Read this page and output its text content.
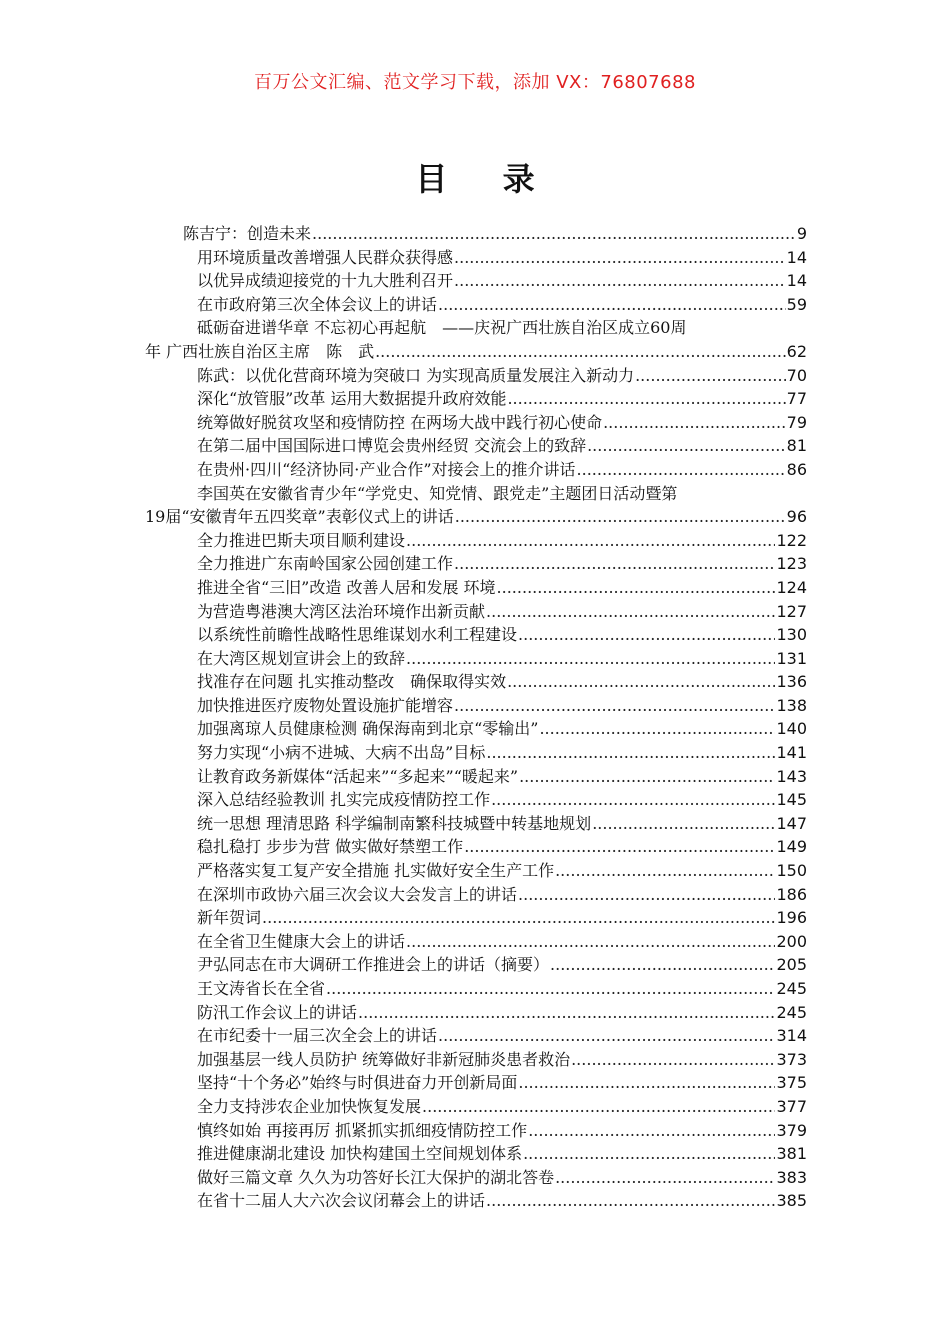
百万公文汇编、范文学习下载，添加 VX：76807688
目 录
陈吉宁：创造未来 .....	9
用环境质量改善增强人民群众获得感 .....	14
以优异成绩迎接党的十九大胜利召开 .....	14
在市政府第三次全体会议上的讲话 .....	59
砥砺奋进谱华章 不忘初心再起航　——庆祝广西壮族自治区成立60周
年 广西壮族自治区主席　陈　武 .....	62
陈武：以优化营商环境为突破口 为实现高质量发展注入新动力 .....	70
深化“放管服”改革 运用大数据提升政府效能 .....	77
统筹做好脱贫攻坚和疫情防控 在两场大战中践行初心使命 .....	79
在第二届中国国际进口博览会贵州经贸 交流会上的致辞 .....	81
在贵州·四川“经济协同·产业合作”对接会上的推介讲话 .....	86
李国英在安徽省青少年“学党史、知党情、跟党走”主题团日活动暨第
19届“安徽青年五四奖章”表彰仪式上的讲话 .....	96
全力推进巴斯夫项目顺利建设 .....	122
全力推进广东南岭国家公园创建工作 .....	123
推进全省“三旧”改造 改善人居和发展 环境 .....	124
为营造粤港澳大湾区法治环境作出新贡献 .....	127
以系统性前瞻性战略性思维谋划水利工程建设 .....	130
在大湾区规划宣讲会上的致辞 .....	131
找准存在问题 扎实推动整改　确保取得实效 .....	136
加快推进医疗废物处置设施扩能增容 .....	138
加强离琼人员健康检测 确保海南到北京“零输出” .....	140
努力实现“小病不进城、大病不出岛”目标 .....	141
让教育政务新媒体“活起来”“多起来”“暖起来” .....	143
深入总结经验教训 扎实完成疫情防控工作 .....	145
统一思想 理清思路 科学编制南繁科技城暨中转基地规划 .....	147
稳扎稳打 步步为营 做实做好禁塑工作 .....	149
严格落实复工复产安全措施 扎实做好安全生产工作 .....	150
在深圳市政协六届三次会议大会发言上的讲话 .....	186
新年贺词 .....	196
在全省卫生健康大会上的讲话 .....	200
尹弘同志在市大调研工作推进会上的讲话（摘要） .....	205
王文涛省长在全省 .....	245
防汛工作会议上的讲话 .....	245
在市纪委十一届三次全会上的讲话 .....	314
加强基层一线人员防护 统筹做好非新冠肺炎患者救治 .....	373
坚持“十个务必”始终与时俱进奋力开创新局面 .....	375
全力支持涉农企业加快恢复发展 .....	377
慎终如始 再接再厉 抓紧抓实抓细疫情防控工作 .....	379
推进健康湖北建设 加快构建国土空间规划体系 .....	381
做好三篇文章 久久为功答好长江大保护的湖北答卷 .....	383
在省十二届人大六次会议闭幕会上的讲话 .....	385
